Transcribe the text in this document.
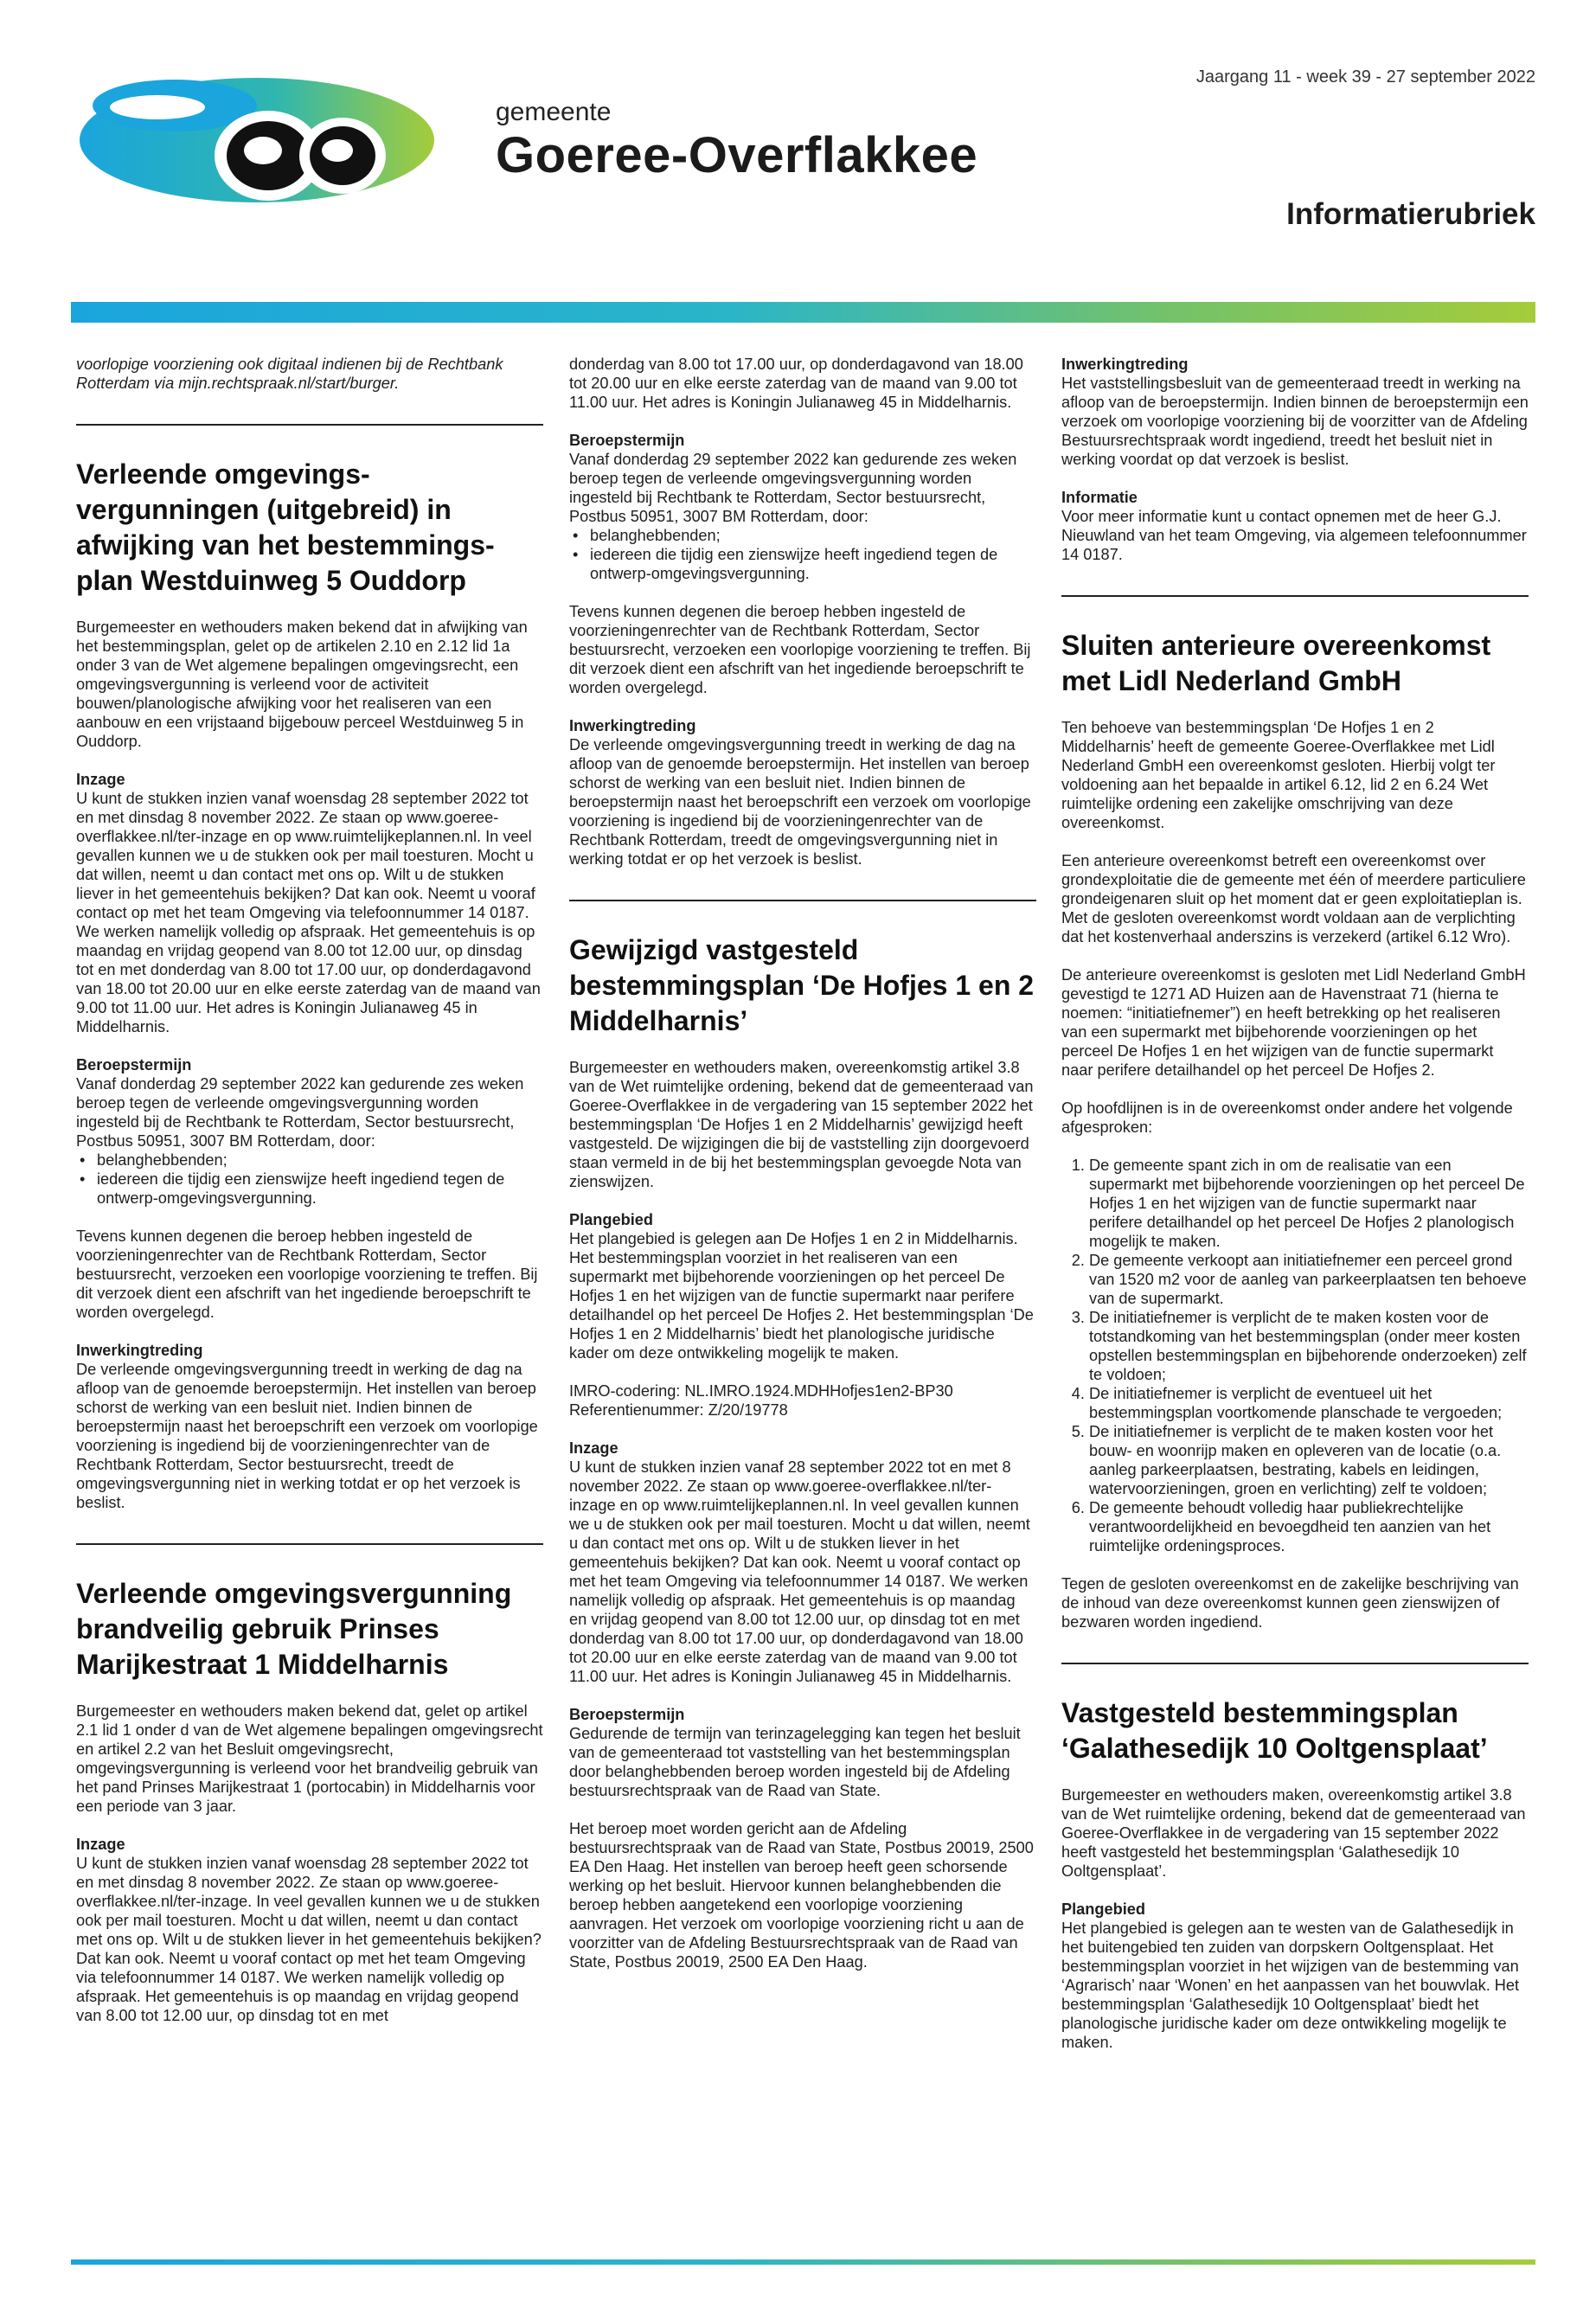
gemeente
Goeree-Overflakkee
Jaargang 11 - week 39 - 27 september 2022
Informatierubriek

voorlopige voorziening ook digitaal indienen bij de Rechtbank Rotterdam via mijn.rechtspraak.nl/start/burger.

Verleende omgevings-vergunningen (uitgebreid) in afwijking van het bestemmings-plan Westduinweg 5 Ouddorp

Burgemeester en wethouders maken bekend dat in afwijking van het bestemmingsplan, gelet op de artikelen 2.10 en 2.12 lid 1a onder 3 van de Wet algemene bepalingen omgevingsrecht, een omgevingsvergunning is verleend voor de activiteit bouwen/planologische afwijking voor het realiseren van een aanbouw en een vrijstaand bijgebouw perceel Westduinweg 5 in Ouddorp.

Inzage

U kunt de stukken inzien vanaf woensdag 28 september 2022 tot en met dinsdag 8 november 2022. Ze staan op www.goeree-overflakkee.nl/ter-inzage en op www.ruimtelijkeplannen.nl. In veel gevallen kunnen we u de stukken ook per mail toesturen. Mocht u dat willen, neemt u dan contact met ons op. Wilt u de stukken liever in het gemeentehuis bekijken? Dat kan ook. Neemt u vooraf contact op met het team Omgeving via telefoonnummer 14 0187. We werken namelijk volledig op afspraak. Het gemeentehuis is op maandag en vrijdag geopend van 8.00 tot 12.00 uur, op dinsdag tot en met donderdag van 8.00 tot 17.00 uur, op donderdagavond van 18.00 tot 20.00 uur en elke eerste zaterdag van de maand van 9.00 tot 11.00 uur. Het adres is Koningin Julianaweg 45 in Middelharnis.

Beroepstermijn

Vanaf donderdag 29 september 2022 kan gedurende zes weken beroep tegen de verleende omgevingsvergunning worden ingesteld bij de Rechtbank te Rotterdam, Sector bestuursrecht, Postbus 50951, 3007 BM Rotterdam, door:

• belanghebbenden;
• iedereen die tijdig een zienswijze heeft ingediend tegen de ontwerp-omgevingsvergunning.

Tevens kunnen degenen die beroep hebben ingesteld de voorzieningenrechter van de Rechtbank Rotterdam, Sector bestuursrecht, verzoeken een voorlopige voorziening te treffen. Bij dit verzoek dient een afschrift van het ingediende beroepschrift te worden overgelegd.

Inwerkingtreding

De verleende omgevingsvergunning treedt in werking de dag na afloop van de genoemde beroepstermijn. Het instellen van beroep schorst de werking van een besluit niet. Indien binnen de beroepstermijn naast het beroepschrift een verzoek om voorlopige voorziening is ingediend bij de voorzieningenrechter van de Rechtbank Rotterdam, Sector bestuursrecht, treedt de omgevingsvergunning niet in werking totdat er op het verzoek is beslist.

Verleende omgevingsvergunning brandveilig gebruik Prinses Marijkestraat 1 Middelharnis

Burgemeester en wethouders maken bekend dat, gelet op artikel 2.1 lid 1 onder d van de Wet algemene bepalingen omgevingsrecht en artikel 2.2 van het Besluit omgevingsrecht, omgevingsvergunning is verleend voor het brandveilig gebruik van het pand Prinses Marijkestraat 1 (portocabin) in Middelharnis voor een periode van 3 jaar.

Inzage

U kunt de stukken inzien vanaf woensdag 28 september 2022 tot en met dinsdag 8 november 2022. Ze staan op www.goeree-overflakkee.nl/ter-inzage. In veel gevallen kunnen we u de stukken ook per mail toesturen. Mocht u dat willen, neemt u dan contact met ons op. Wilt u de stukken liever in het gemeentehuis bekijken? Dat kan ook. Neemt u vooraf contact op met het team Omgeving via telefoonnummer 14 0187. We werken namelijk volledig op afspraak. Het gemeentehuis is op maandag en vrijdag geopend van 8.00 tot 12.00 uur, op dinsdag tot en met

donderdag van 8.00 tot 17.00 uur, op donderdagavond van 18.00 tot 20.00 uur en elke eerste zaterdag van de maand van 9.00 tot 11.00 uur. Het adres is Koningin Julianaweg 45 in Middelharnis.

Beroepstermijn

Vanaf donderdag 29 september 2022 kan gedurende zes weken beroep tegen de verleende omgevingsvergunning worden ingesteld bij Rechtbank te Rotterdam, Sector bestuursrecht, Postbus 50951, 3007 BM Rotterdam, door:

• belanghebbenden;
• iedereen die tijdig een zienswijze heeft ingediend tegen de ontwerp-omgevingsvergunning.

Tevens kunnen degenen die beroep hebben ingesteld de voorzieningenrechter van de Rechtbank Rotterdam, Sector bestuursrecht, verzoeken een voorlopige voorziening te treffen. Bij dit verzoek dient een afschrift van het ingediende beroepschrift te worden overgelegd.

Inwerkingtreding

De verleende omgevingsvergunning treedt in werking de dag na afloop van de genoemde beroepstermijn. Het instellen van beroep schorst de werking van een besluit niet. Indien binnen de beroepstermijn naast het beroepschrift een verzoek om voorlopige voorziening is ingediend bij de voorzieningenrechter van de Rechtbank Rotterdam, treedt de omgevingsvergunning niet in werking totdat er op het verzoek is beslist.

Gewijzigd vastgesteld bestemmingsplan ‘De Hofjes 1 en 2 Middelharnis’

Burgemeester en wethouders maken, overeenkomstig artikel 3.8 van de Wet ruimtelijke ordening, bekend dat de gemeenteraad van Goeree-Overflakkee in de vergadering van 15 september 2022 het bestemmingsplan ‘De Hofjes 1 en 2 Middelharnis’ gewijzigd heeft vastgesteld. De wijzigingen die bij de vaststelling zijn doorgevoerd staan vermeld in de bij het bestemmingsplan gevoegde Nota van zienswijzen.

Plangebied

Het plangebied is gelegen aan De Hofjes 1 en 2 in Middelharnis. Het bestemmingsplan voorziet in het realiseren van een supermarkt met bijbehorende voorzieningen op het perceel De Hofjes 1 en het wijzigen van de functie supermarkt naar perifere detailhandel op het perceel De Hofjes 2. Het bestemmingsplan ‘De Hofjes 1 en 2 Middelharnis’ biedt het planologische juridische kader om deze ontwikkeling mogelijk te maken.

IMRO-codering: NL.IMRO.1924.MDHHofjes1en2-BP30

Referentienummer: Z/20/19778

Inzage

U kunt de stukken inzien vanaf 28 september 2022 tot en met 8 november 2022. Ze staan op www.goeree-overflakkee.nl/ter-inzage en op www.ruimtelijkeplannen.nl. In veel gevallen kunnen we u de stukken ook per mail toesturen. Mocht u dat willen, neemt u dan contact met ons op. Wilt u de stukken liever in het gemeentehuis bekijken? Dat kan ook. Neemt u vooraf contact op met het team Omgeving via telefoonnummer 14 0187. We werken namelijk volledig op afspraak. Het gemeentehuis is op maandag en vrijdag geopend van 8.00 tot 12.00 uur, op dinsdag tot en met donderdag van 8.00 tot 17.00 uur, op donderdagavond van 18.00 tot 20.00 uur en elke eerste zaterdag van de maand van 9.00 tot 11.00 uur. Het adres is Koningin Julianaweg 45 in Middelharnis.

Beroepstermijn

Gedurende de termijn van terinzagelegging kan tegen het besluit van de gemeenteraad tot vaststelling van het bestemmingsplan door belanghebbenden beroep worden ingesteld bij de Afdeling bestuursrechtspraak van de Raad van State.

Het beroep moet worden gericht aan de Afdeling bestuursrechtspraak van de Raad van State, Postbus 20019, 2500 EA Den Haag. Het instellen van beroep heeft geen schorsende werking op het besluit. Hiervoor kunnen belanghebbenden die beroep hebben aangetekend een voorlopige voorziening aanvragen. Het verzoek om voorlopige voorziening richt u aan de voorzitter van de Afdeling Bestuursrechtspraak van de Raad van State, Postbus 20019, 2500 EA Den Haag.

Inwerkingtreding

Het vaststellingsbesluit van de gemeenteraad treedt in werking na afloop van de beroepstermijn. Indien binnen de beroepstermijn een verzoek om voorlopige voorziening bij de voorzitter van de Afdeling Bestuursrechtspraak wordt ingediend, treedt het besluit niet in werking voordat op dat verzoek is beslist.

Informatie

Voor meer informatie kunt u contact opnemen met de heer G.J. Nieuwland van het team Omgeving, via algemeen telefoonnummer 14 0187.

Sluiten anterieure overeenkomst met Lidl Nederland GmbH

Ten behoeve van bestemmingsplan ‘De Hofjes 1 en 2 Middelharnis’ heeft de gemeente Goeree-Overflakkee met Lidl Nederland GmbH een overeenkomst gesloten. Hierbij volgt ter voldoening aan het bepaalde in artikel 6.12, lid 2 en 6.24 Wet ruimtelijke ordening een zakelijke omschrijving van deze overeenkomst.

Een anterieure overeenkomst betreft een overeenkomst over grondexploitatie die de gemeente met één of meerdere particuliere grondeigenaren sluit op het moment dat er geen exploitatieplan is. Met de gesloten overeenkomst wordt voldaan aan de verplichting dat het kostenverhaal anderszins is verzekerd (artikel 6.12 Wro).

De anterieure overeenkomst is gesloten met Lidl Nederland GmbH gevestigd te 1271 AD Huizen aan de Havenstraat 71 (hierna te noemen: “initiatiefnemer”) en heeft betrekking op het realiseren van een supermarkt met bijbehorende voorzieningen op het perceel De Hofjes 1 en het wijzigen van de functie supermarkt naar perifere detailhandel op het perceel De Hofjes 2.

Op hoofdlijnen is in de overeenkomst onder andere het volgende afgesproken:

1. De gemeente spant zich in om de realisatie van een supermarkt met bijbehorende voorzieningen op het perceel De Hofjes 1 en het wijzigen van de functie supermarkt naar perifere detailhandel op het perceel De Hofjes 2 planologisch mogelijk te maken.
2. De gemeente verkoopt aan initiatiefnemer een perceel grond van 1520 m2 voor de aanleg van parkeerplaatsen ten behoeve van de supermarkt.
3. De initiatiefnemer is verplicht de te maken kosten voor de totstandkoming van het bestemmingsplan (onder meer kosten opstellen bestemmingsplan en bijbehorende onderzoeken) zelf te voldoen;
4. De initiatiefnemer is verplicht de eventueel uit het bestemmingsplan voortkomende planschade te vergoeden;
5. De initiatiefnemer is verplicht de te maken kosten voor het bouw- en woonrijp maken en opleveren van de locatie (o.a. aanleg parkeerplaatsen, bestrating, kabels en leidingen, watervoorzieningen, groen en verlichting) zelf te voldoen;
6. De gemeente behoudt volledig haar publiekrechtelijke verantwoordelijkheid en bevoegdheid ten aanzien van het ruimtelijke ordeningsproces.

Tegen de gesloten overeenkomst en de zakelijke beschrijving van de inhoud van deze overeenkomst kunnen geen zienswijzen of bezwaren worden ingediend.

Vastgesteld bestemmingsplan ‘Galathesedijk 10 Ooltgensplaat’

Burgemeester en wethouders maken, overeenkomstig artikel 3.8 van de Wet ruimtelijke ordening, bekend dat de gemeenteraad van Goeree-Overflakkee in de vergadering van 15 september 2022 heeft vastgesteld het bestemmingsplan ‘Galathesedijk 10 Ooltgensplaat’.

Plangebied

Het plangebied is gelegen aan te westen van de Galathesedijk in het buitengebied ten zuiden van dorpskern Ooltgensplaat. Het bestemmingsplan voorziet in het wijzigen van de bestemming van ‘Agrarisch’ naar ‘Wonen’ en het aanpassen van het bouwvlak. Het bestemmingsplan ‘Galathesedijk 10 Ooltgensplaat’ biedt het planologische juridische kader om deze ontwikkeling mogelijk te maken.
